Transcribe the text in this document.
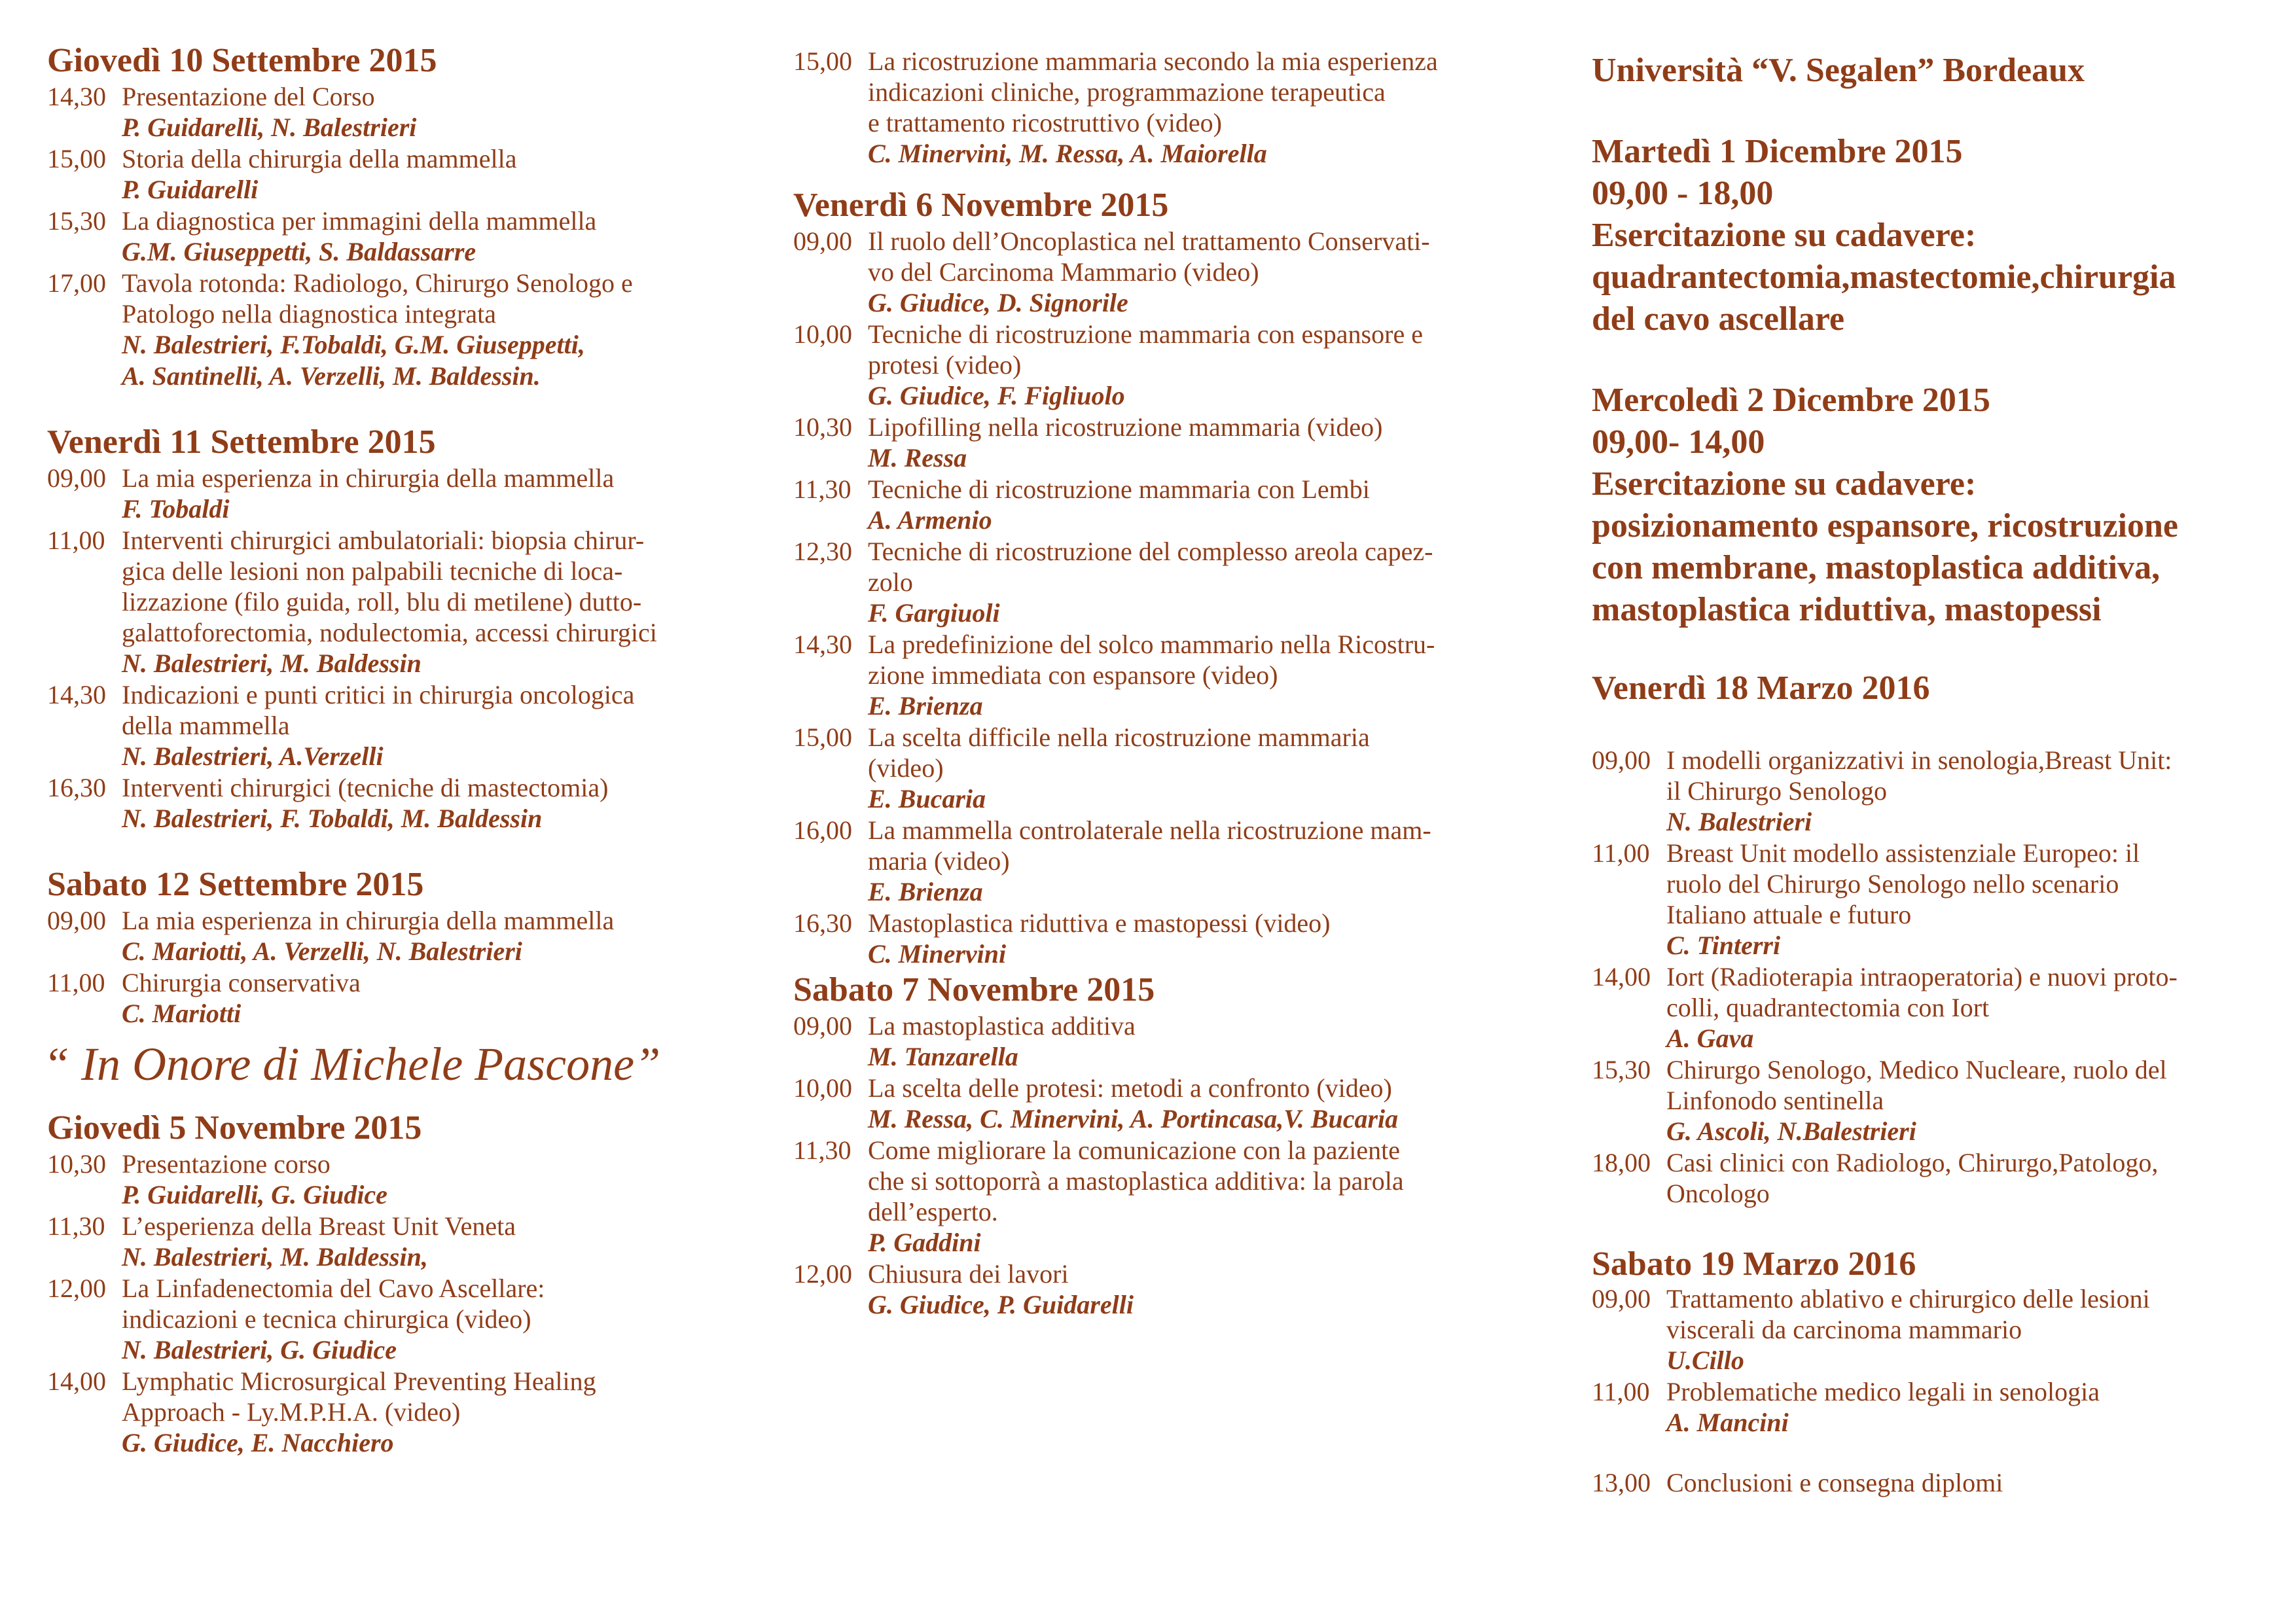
Giovedì 10 Settembre 2015
14,30 Presentazione del Corso
P. Guidarelli, N. Balestrieri
15,00 Storia della chirurgia della mammella
P. Guidarelli
15,30 La diagnostica per immagini della mammella
G.M. Giuseppetti, S. Baldassarre
17,00 Tavola rotonda: Radiologo, Chirurgo Senologo e
Patologo nella diagnostica integrata
N. Balestrieri, F.Tobaldi, G.M. Giuseppetti,
A. Santinelli, A. Verzelli, M. Baldessin.
Venerdì 11 Settembre 2015
09,00 La mia esperienza in chirurgia della mammella
F. Tobaldi
11,00 Interventi chirurgici ambulatoriali: biopsia chirur-
gica delle lesioni non palpabili tecniche di loca-
lizzazione (filo guida, roll, blu di metilene) dutto-
galattoforectomia, nodulectomia, accessi chirurgici
N. Balestrieri, M. Baldessin
14,30 Indicazioni e punti critici in chirurgia oncologica
della mammella
N. Balestrieri, A.Verzelli
16,30 Interventi chirurgici (tecniche di mastectomia)
N. Balestrieri, F. Tobaldi, M. Baldessin
Sabato 12 Settembre 2015
09,00 La mia esperienza in chirurgia della mammella
C. Mariotti, A. Verzelli, N. Balestrieri
11,00 Chirurgia conservativa
C. Mariotti
“ In Onore di Michele Pascone”
Giovedì 5 Novembre 2015
10,30 Presentazione corso
P. Guidarelli, G. Giudice
11,30 L’esperienza della Breast Unit Veneta
N. Balestrieri, M. Baldessin,
12,00 La Linfadenectomia del Cavo Ascellare:
indicazioni e tecnica chirurgica (video)
N. Balestrieri, G. Giudice
14,00 Lymphatic Microsurgical Preventing Healing
Approach - Ly.M.P.H.A. (video)
G. Giudice, E. Nacchiero
15,00 La ricostruzione mammaria secondo la mia esperienza
indicazioni cliniche, programmazione terapeutica
e trattamento ricostruttivo (video)
C. Minervini, M. Ressa, A. Maiorella
Venerdì 6 Novembre 2015
09,00 Il ruolo dell’Oncoplastica nel trattamento Conservati-
vo del Carcinoma Mammario (video)
G. Giudice, D. Signorile
10,00 Tecniche di ricostruzione mammaria con espansore e
protesi (video)
G. Giudice, F. Figliuolo
10,30 Lipofilling nella ricostruzione mammaria (video)
M. Ressa
11,30 Tecniche di ricostruzione mammaria con Lembi
A. Armenio
12,30 Tecniche di ricostruzione del complesso areola capez-
zolo
F. Gargiuoli
14,30 La predefinizione del solco mammario nella Ricostru-
zione immediata con espansore (video)
E. Brienza
15,00 La scelta difficile nella ricostruzione mammaria
(video)
E. Bucaria
16,00 La mammella controlaterale nella ricostruzione mam-
maria (video)
E. Brienza
16,30 Mastoplastica riduttiva e mastopessi (video)
C. Minervini
Sabato 7 Novembre 2015
09,00 La mastoplastica additiva
M. Tanzarella
10,00 La scelta delle protesi: metodi a confronto (video)
M. Ressa, C. Minervini, A. Portincasa,V. Bucaria
11,30 Come migliorare la comunicazione con la paziente
che si sottoporrà a mastoplastica additiva: la parola
dell’esperto.
P. Gaddini
12,00 Chiusura dei lavori
G. Giudice, P. Guidarelli
Università “V. Segalen” Bordeaux
Martedì 1 Dicembre 2015
09,00 - 18,00
Esercitazione su cadavere:
quadrantectomia,mastectomie,chirurgia
del cavo ascellare
Mercoledì 2 Dicembre 2015
09,00- 14,00
Esercitazione su cadavere:
posizionamento espansore, ricostruzione
con membrane, mastoplastica additiva,
mastoplastica riduttiva, mastopessi
Venerdì 18 Marzo 2016
09,00 I modelli organizzativi in senologia,Breast Unit:
il Chirurgo Senologo
N. Balestrieri
11,00 Breast Unit modello assistenziale Europeo: il
ruolo del Chirurgo Senologo nello scenario
Italiano attuale e futuro
C. Tinterri
14,00 Iort (Radioterapia intraoperatoria) e nuovi proto-
colli, quadrantectomia con Iort
A. Gava
15,30 Chirurgo Senologo, Medico Nucleare, ruolo del
Linfonodo sentinella
G. Ascoli, N.Balestrieri
18,00 Casi clinici con Radiologo, Chirurgo,Patologo,
Oncologo
Sabato 19 Marzo 2016
09,00 Trattamento ablativo e chirurgico delle lesioni
viscerali da carcinoma mammario
U.Cillo
11,00 Problematiche medico legali in senologia
A. Mancini
13,00 Conclusioni e consegna diplomi
